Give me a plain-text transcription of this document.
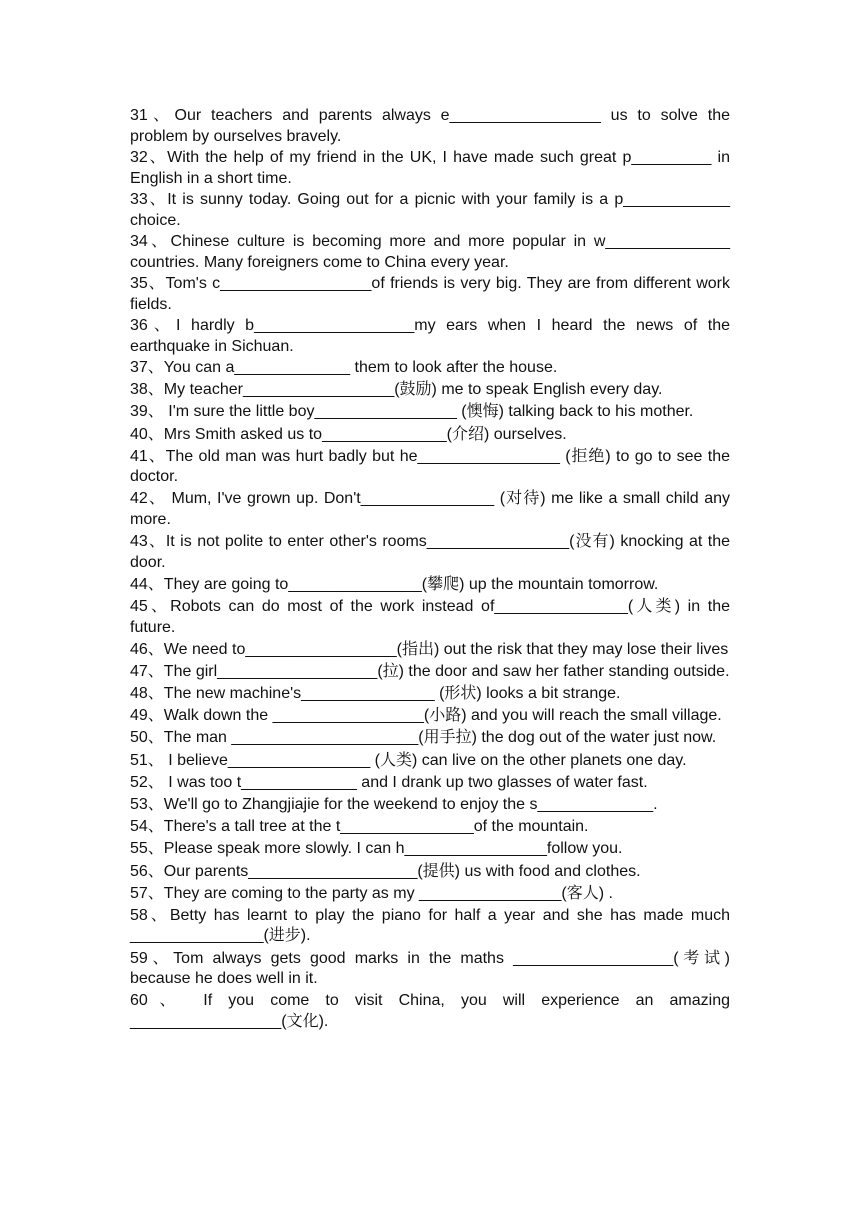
31、Our teachers and parents always e_________________ us to solve the problem by ourselves bravely.
32、With the help of my friend in the UK, I have made such great p_________ in English in a short time.
33、It is sunny today. Going out for a picnic with your family is a p____________ choice.
34、Chinese culture is becoming more and more popular in w______________ countries. Many foreigners come to China every year.
35、Tom's c_________________of friends is very big. They are from different work fields.
36、I hardly b__________________my ears when I heard the news of the earthquake in Sichuan.
37、You can a_____________ them to look after the house.
38、My teacher_________________(鼓励) me to speak English every day.
39、 I'm sure the little boy________________ (懊悔) talking back to his mother.
40、Mrs Smith asked us to______________(介绍) ourselves.
41、The old man was hurt badly but he________________ (拒绝) to go to see the doctor.
42、 Mum, I've grown up. Don't_______________ (对待) me like a small child any more.
43、It is not polite to enter other's rooms________________(没有) knocking at the door.
44、They are going to_______________(攀爬) up the mountain tomorrow.
45、Robots can do most of the work instead of_______________(人类) in the future.
46、We need to_________________(指出) out the risk that they may lose their lives
47、The girl__________________(拉) the door and saw her father standing outside.
48、The new machine's_______________ (形状) looks a bit strange.
49、Walk down the _________________(小路) and you will reach the small village.
50、The man _____________________(用手拉) the dog out of the water just now.
51、 I believe________________ (人类) can live on the other planets one day.
52、 I was too t_____________ and I drank up two glasses of water fast.
53、We'll go to Zhangjiajie for the weekend to enjoy the s_____________.
54、There's a tall tree at the t_______________of the mountain.
55、Please speak more slowly. I can h________________follow you.
56、Our parents___________________(提供) us with food and clothes.
57、They are coming to the party as my ________________(客人) .
58、Betty has learnt to play the piano for half a year and she has made much _______________(进步).
59、Tom always gets good marks in the maths __________________(考试) because he does well in it.
60、 If you come to visit China, you will experience an amazing _________________(文化).
